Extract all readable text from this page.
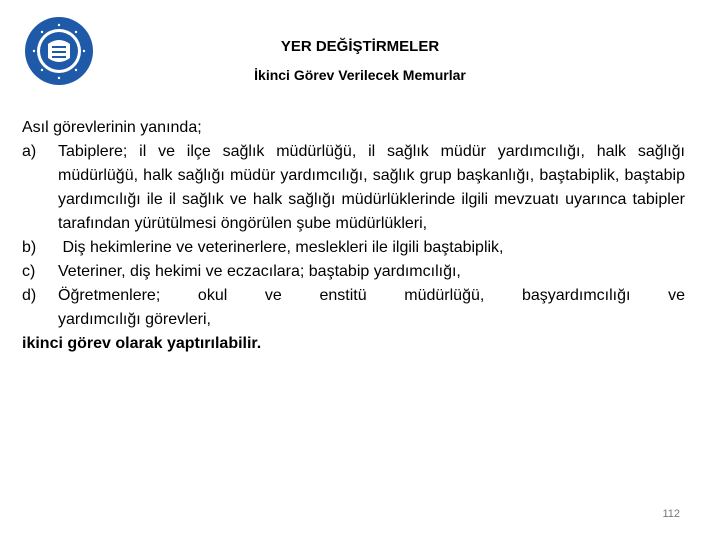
YER DEĞİŞTİRMELER
İkinci Görev Verilecek Memurlar

Asıl görevlerinin yanında;

a)	Tabiplere; il ve ilçe sağlık müdürlüğü, il sağlık müdür yardımcılığı, halk sağlığı müdürlüğü, halk sağlığı müdür yardımcılığı, sağlık grup başkanlığı, baştabiplik, baştabip yardımcılığı ile il sağlık ve halk sağlığı müdürlüklerinde ilgili mevzuatı uyarınca tabipler tarafından yürütülmesi öngörülen şube müdürlükleri,
b)	Diş hekimlerine ve veterinerlere, meslekleri ile ilgili baştabiplik,
c)	Veteriner, diş hekimi ve eczacılara; baştabip yardımcılığı,
d)	Öğretmenlere; okul ve enstitü müdürlüğü, başyardımcılığı ve
yardımcılığı görevleri,

ikinci görev olarak yaptırılabilir.

112
